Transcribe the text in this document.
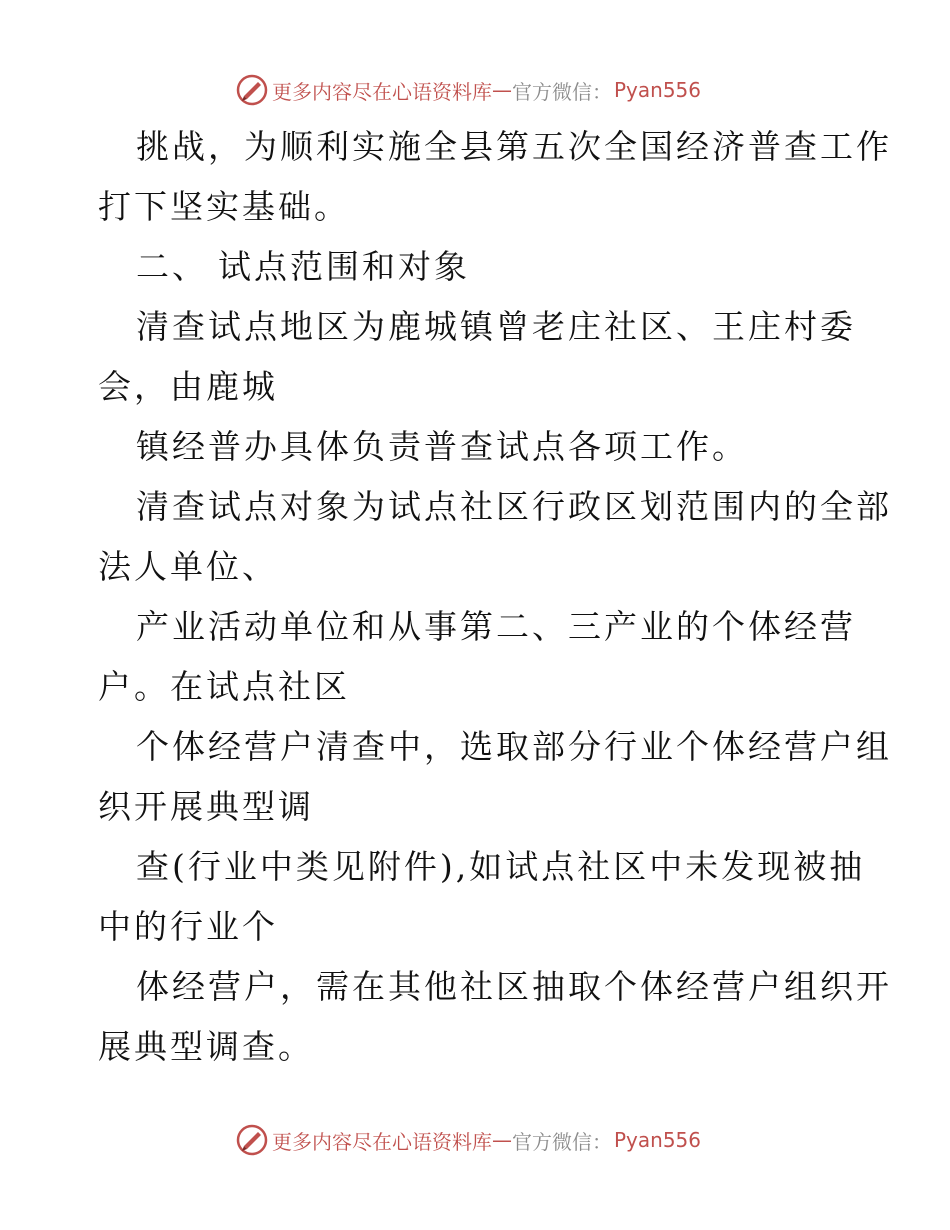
更多内容尽在心语资料库 — 官方微信： Pyan556
挑战，为顺利实施全县第五次全国经济普查工作
打下坚实基础。
二、 试点范围和对象
清查试点地区为鹿城镇曾老庄社区、王庄村委
会，由鹿城
镇经普办具体负责普查试点各项工作。
清查试点对象为试点社区行政区划范围内的全部
法人单位、
产业活动单位和从事第二、三产业的个体经营
户。在试点社区
个体经营户清查中，选取部分行业个体经营户组
织开展典型调
查(行业中类见附件),如试点社区中未发现被抽
中的行业个
体经营户，需在其他社区抽取个体经营户组织开
展典型调查。
更多内容尽在心语资料库 — 官方微信： Pyan556
